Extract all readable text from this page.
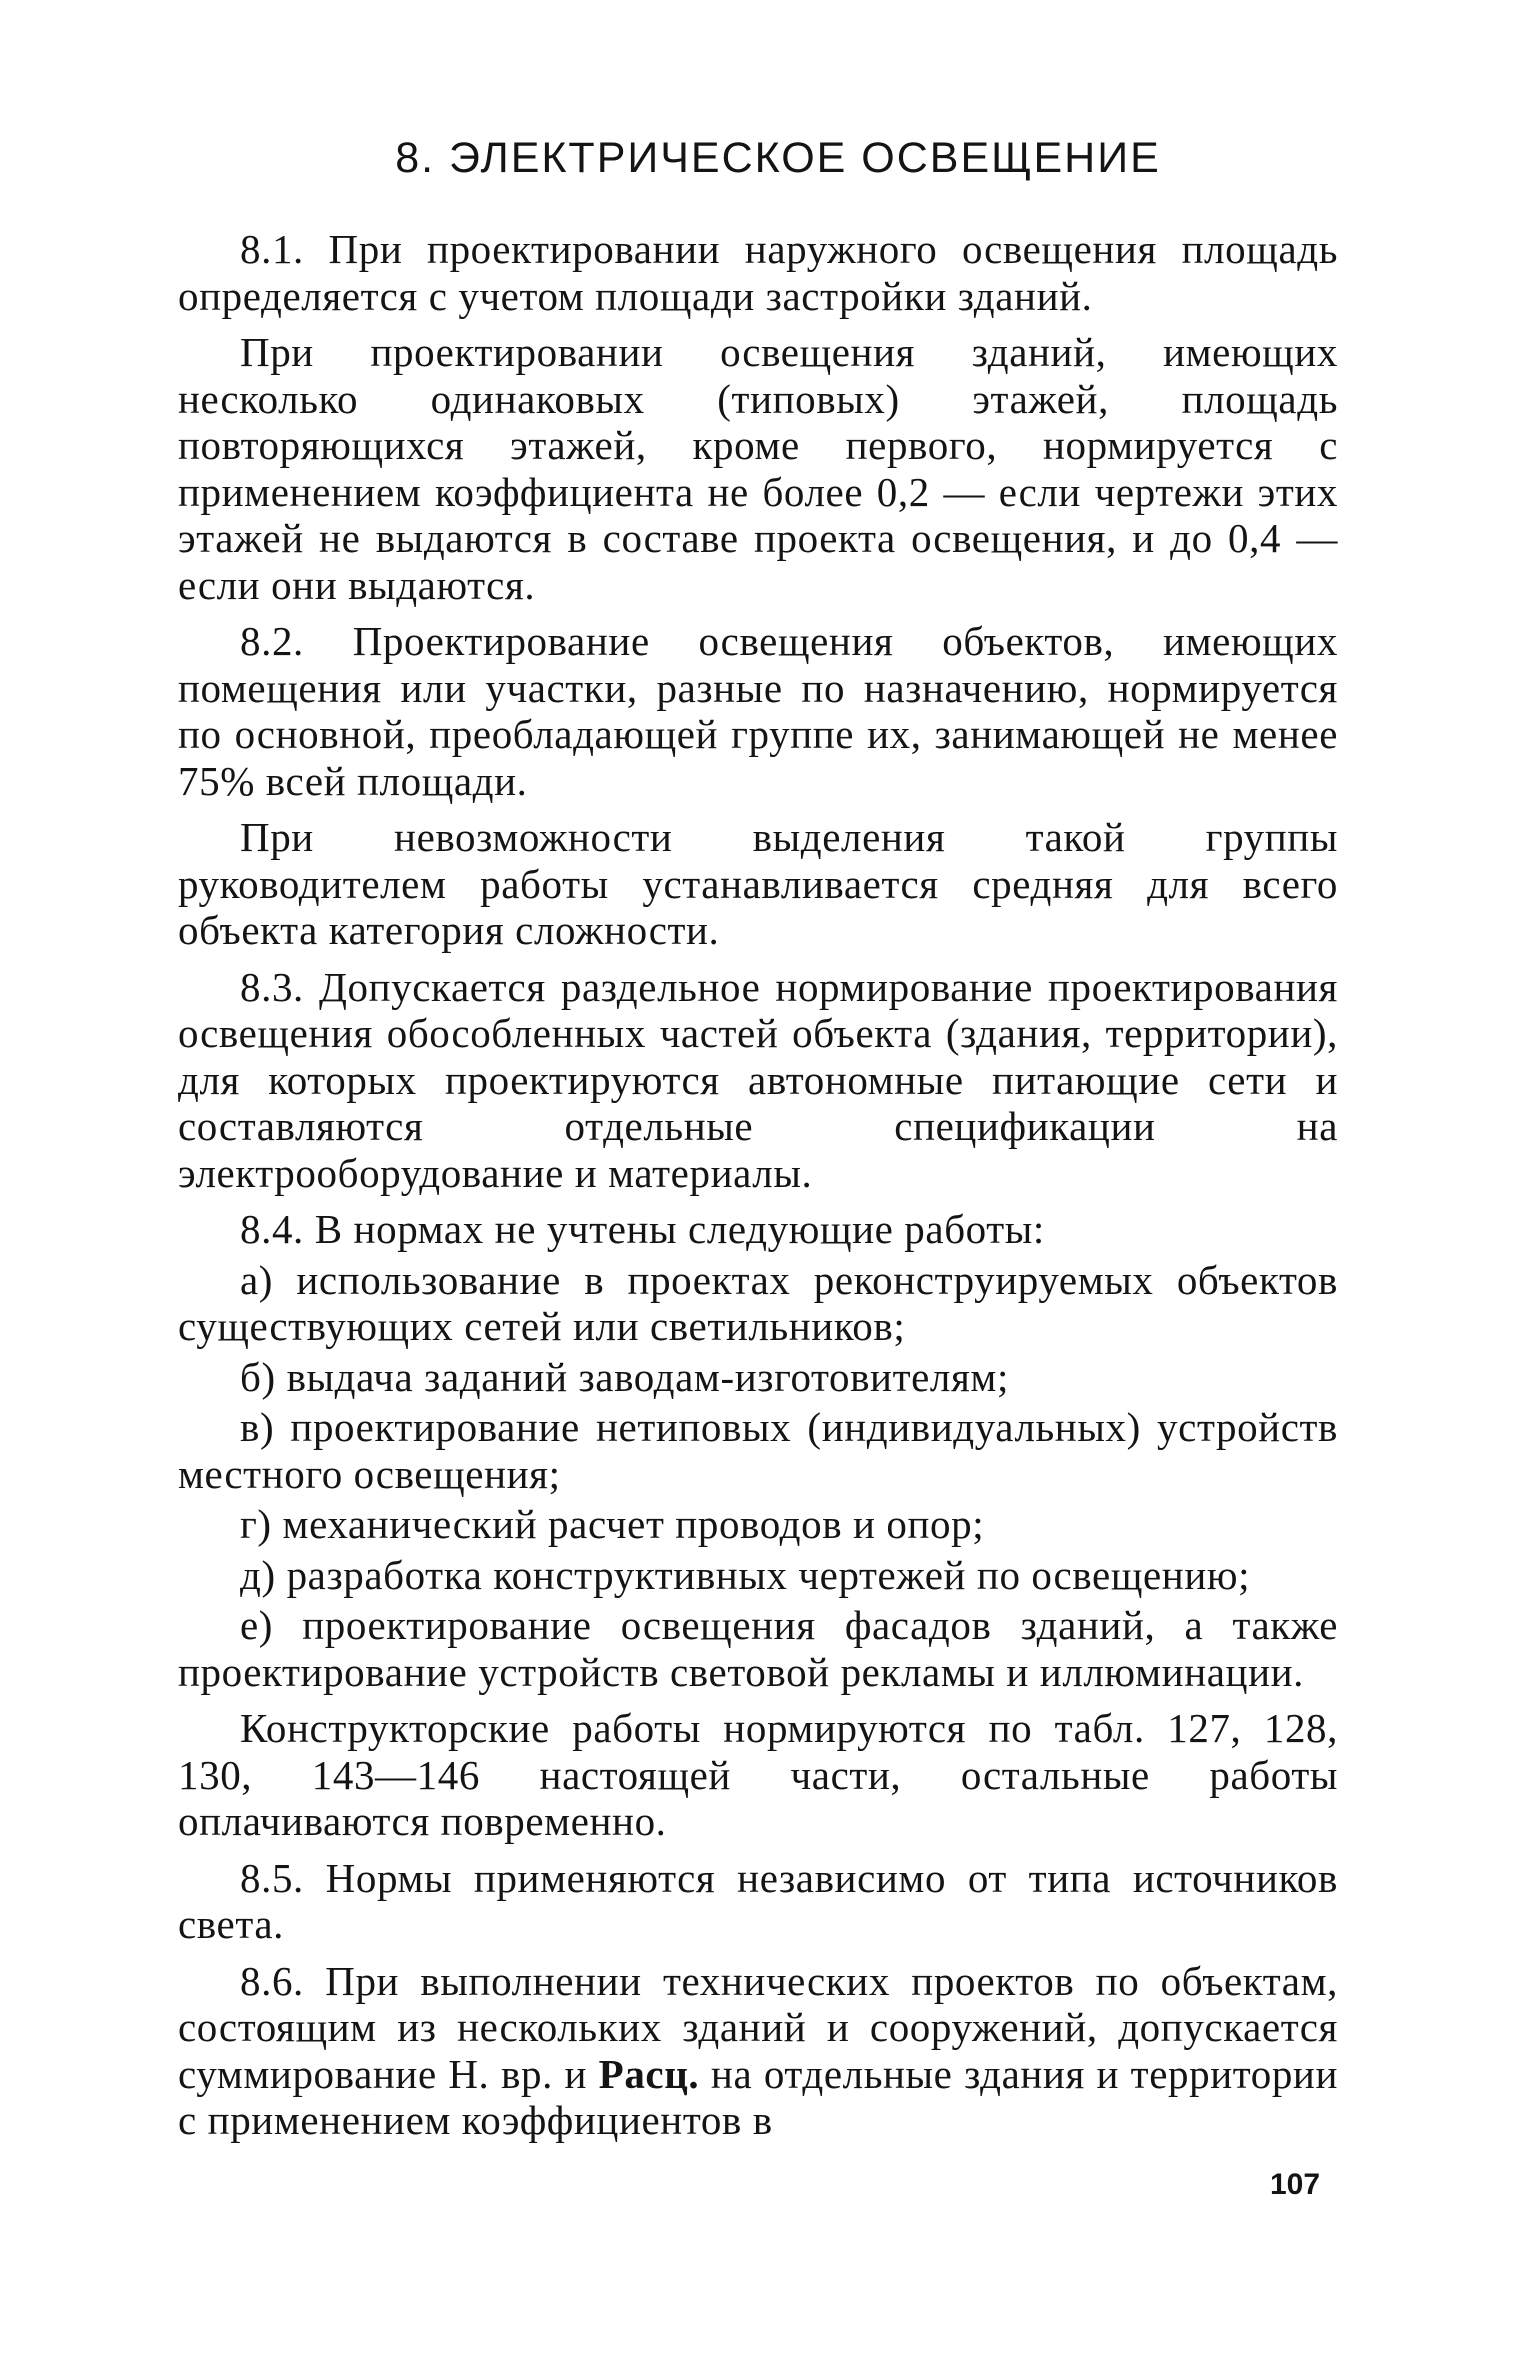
8. ЭЛЕКТРИЧЕСКОЕ ОСВЕЩЕНИЕ

8.1. При проектировании наружного освещения площадь определяется с учетом площади застройки зданий.

При проектировании освещения зданий, имеющих несколько одинаковых (типовых) этажей, площадь повторяющихся этажей, кроме первого, нормируется с применением коэффициента не более 0,2 — если чертежи этих этажей не выдаются в составе проекта освещения, и до 0,4 — если они выдаются.

8.2. Проектирование освещения объектов, имеющих помещения или участки, разные по назначению, нормируется по основной, преобладающей группе их, занимающей не менее 75% всей площади.

При невозможности выделения такой группы руководителем работы устанавливается средняя для всего объекта категория сложности.

8.3. Допускается раздельное нормирование проектирования освещения обособленных частей объекта (здания, территории), для которых проектируются автономные питающие сети и составляются отдельные спецификации на электрооборудование и материалы.

8.4. В нормах не учтены следующие работы:

а) использование в проектах реконструируемых объектов существующих сетей или светильников;

б) выдача заданий заводам-изготовителям;

в) проектирование нетиповых (индивидуальных) устройств местного освещения;

г) механический расчет проводов и опор;

д) разработка конструктивных чертежей по освещению;

е) проектирование освещения фасадов зданий, а также проектирование устройств световой рекламы и иллюминации.

Конструкторские работы нормируются по табл. 127, 128, 130, 143—146 настоящей части, остальные работы оплачиваются повременно.

8.5. Нормы применяются независимо от типа источников света.

8.6. При выполнении технических проектов по объектам, состоящим из нескольких зданий и сооружений, допускается суммирование Н. вр. и Расц. на отдельные здания и территории с применением коэффициентов в

107
